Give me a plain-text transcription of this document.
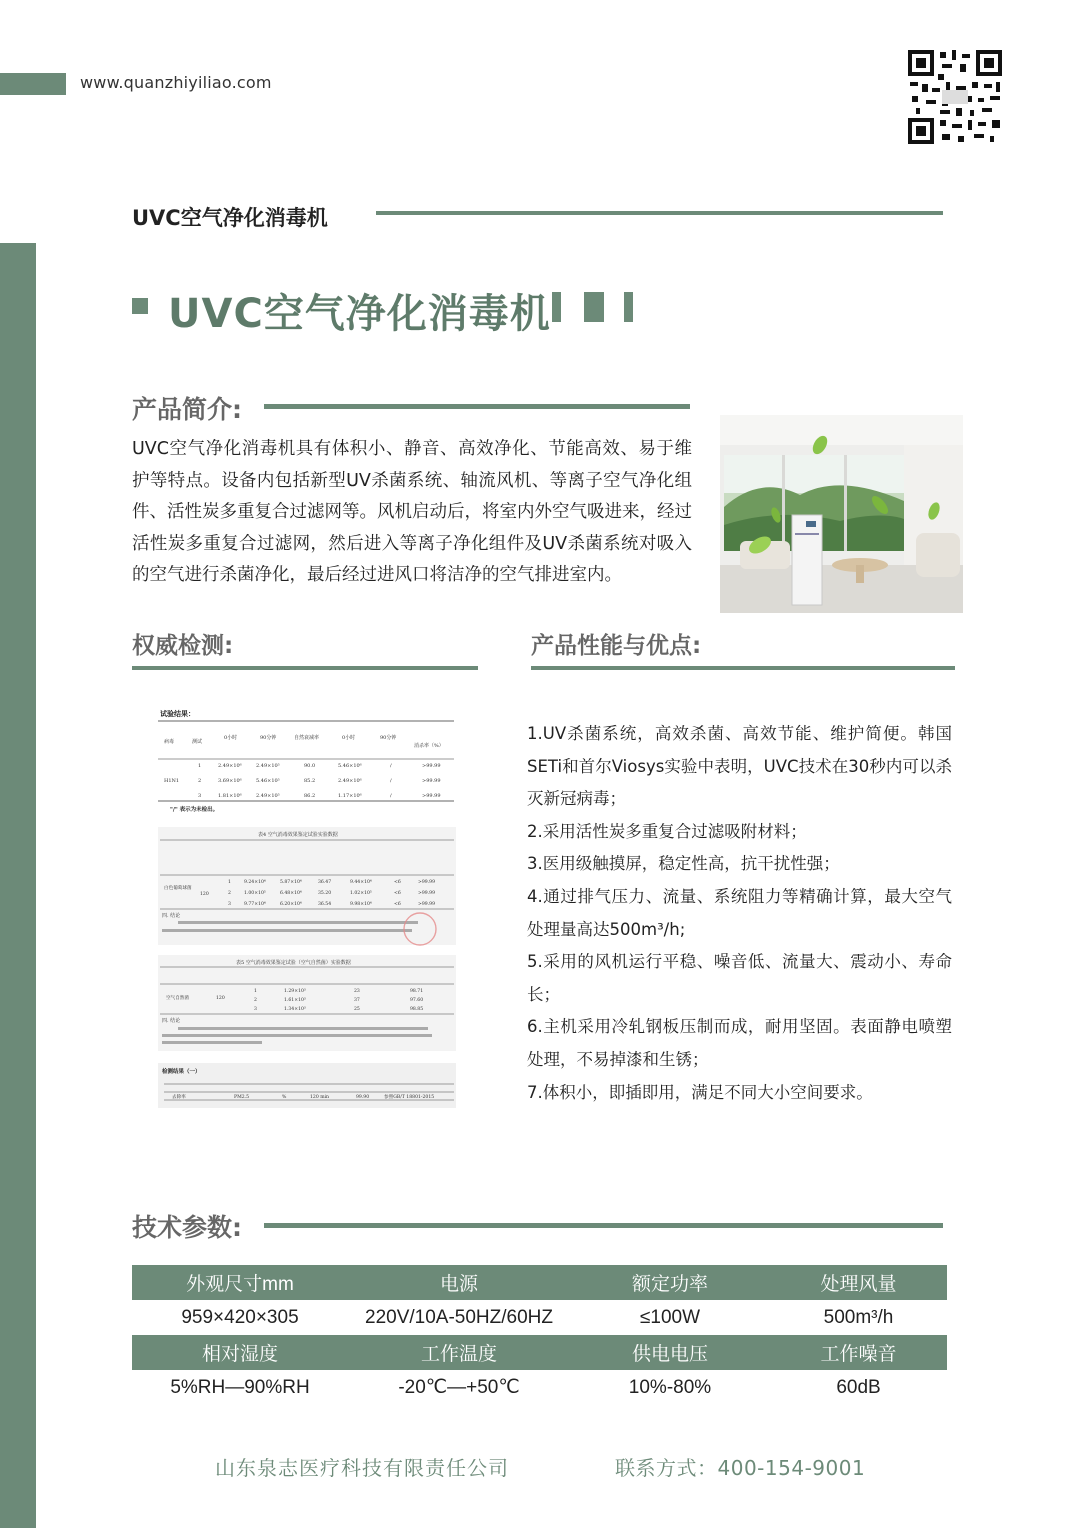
www.quanzhiyiliao.com
UVC空气净化消毒机
UVC空气净化消毒机
产品简介:
UVC空气净化消毒机具有体积小、静音、高效净化、节能高效、易于维护等特点。设备内包括新型UV杀菌系统、轴流风机、等离子空气净化组件、活性炭多重复合过滤网等。风机启动后，将室内外空气吸进来，经过活性炭多重复合过滤网，然后进入等离子净化组件及UV杀菌系统对吸入的空气进行杀菌净化，最后经过进风口将洁净的空气排进室内。
权威检测:
试验结果：
病毒	测试
0小时	90分钟	自然衰减率	0小时	90分钟
消杀率（%）
H1N1
1	2.49×10⁶	2.49×10⁵	90.0	5.46×10⁶	/	>99.99
2	3.69×10⁶	5.46×10⁵	85.2	2.49×10⁶	/	>99.99
3	1.81×10⁶	2.49×10⁵	86.2	1.17×10⁶	/	>99.99
"/" 表示为未检出。
表4 空气消毒效果鉴定试验实验数据
白色葡萄球菌
120
1	9.24×10⁴	5.87×10⁴	36.47	9.44×10⁴	<6	>99.99
2	1.00×10⁵	6.48×10⁴	35.20	1.02×10⁵	<6	>99.99
3	9.77×10⁴	6.20×10⁴	36.54	9.98×10⁴	<6	>99.99
四. 结论
表5 空气消毒效果鉴定试验（空气自然菌）实验数据
空气自然菌	120
1	1.29×10³	23	98.71
2	1.61×10³	37	97.60
3	1.34×10³	25	98.85
四. 结论
检测结果（一）
去除率	PM2.5	%	120 min	99.90	参照GB/T 18801-2015
产品性能与优点:
1.UV杀菌系统，高效杀菌、高效节能、维护简便。韩国SETi和首尔Viosys实验中表明，UVC技术在30秒内可以杀灭新冠病毒；
2.采用活性炭多重复合过滤吸附材料；
3.医用级触摸屏，稳定性高，抗干扰性强；
4.通过排气压力、流量、系统阻力等精确计算，最大空气处理量高达500m³/h;
5.采用的风机运行平稳、噪音低、流量大、震动小、寿命长；
6.主机采用冷轧钢板压制而成，耐用坚固。表面静电喷塑处理，不易掉漆和生锈；
7.体积小，即插即用，满足不同大小空间要求。
技术参数:
外观尺寸mm	电源	额定功率	处理风量
959×420×305	220V/10A-50HZ/60HZ	≤100W	500m³/h
相对湿度	工作温度	供电电压	工作噪音
5%RH—90%RH	-20℃—+50℃	10%-80%	60dB
山东泉志医疗科技有限责任公司	联系方式：400-154-9001
